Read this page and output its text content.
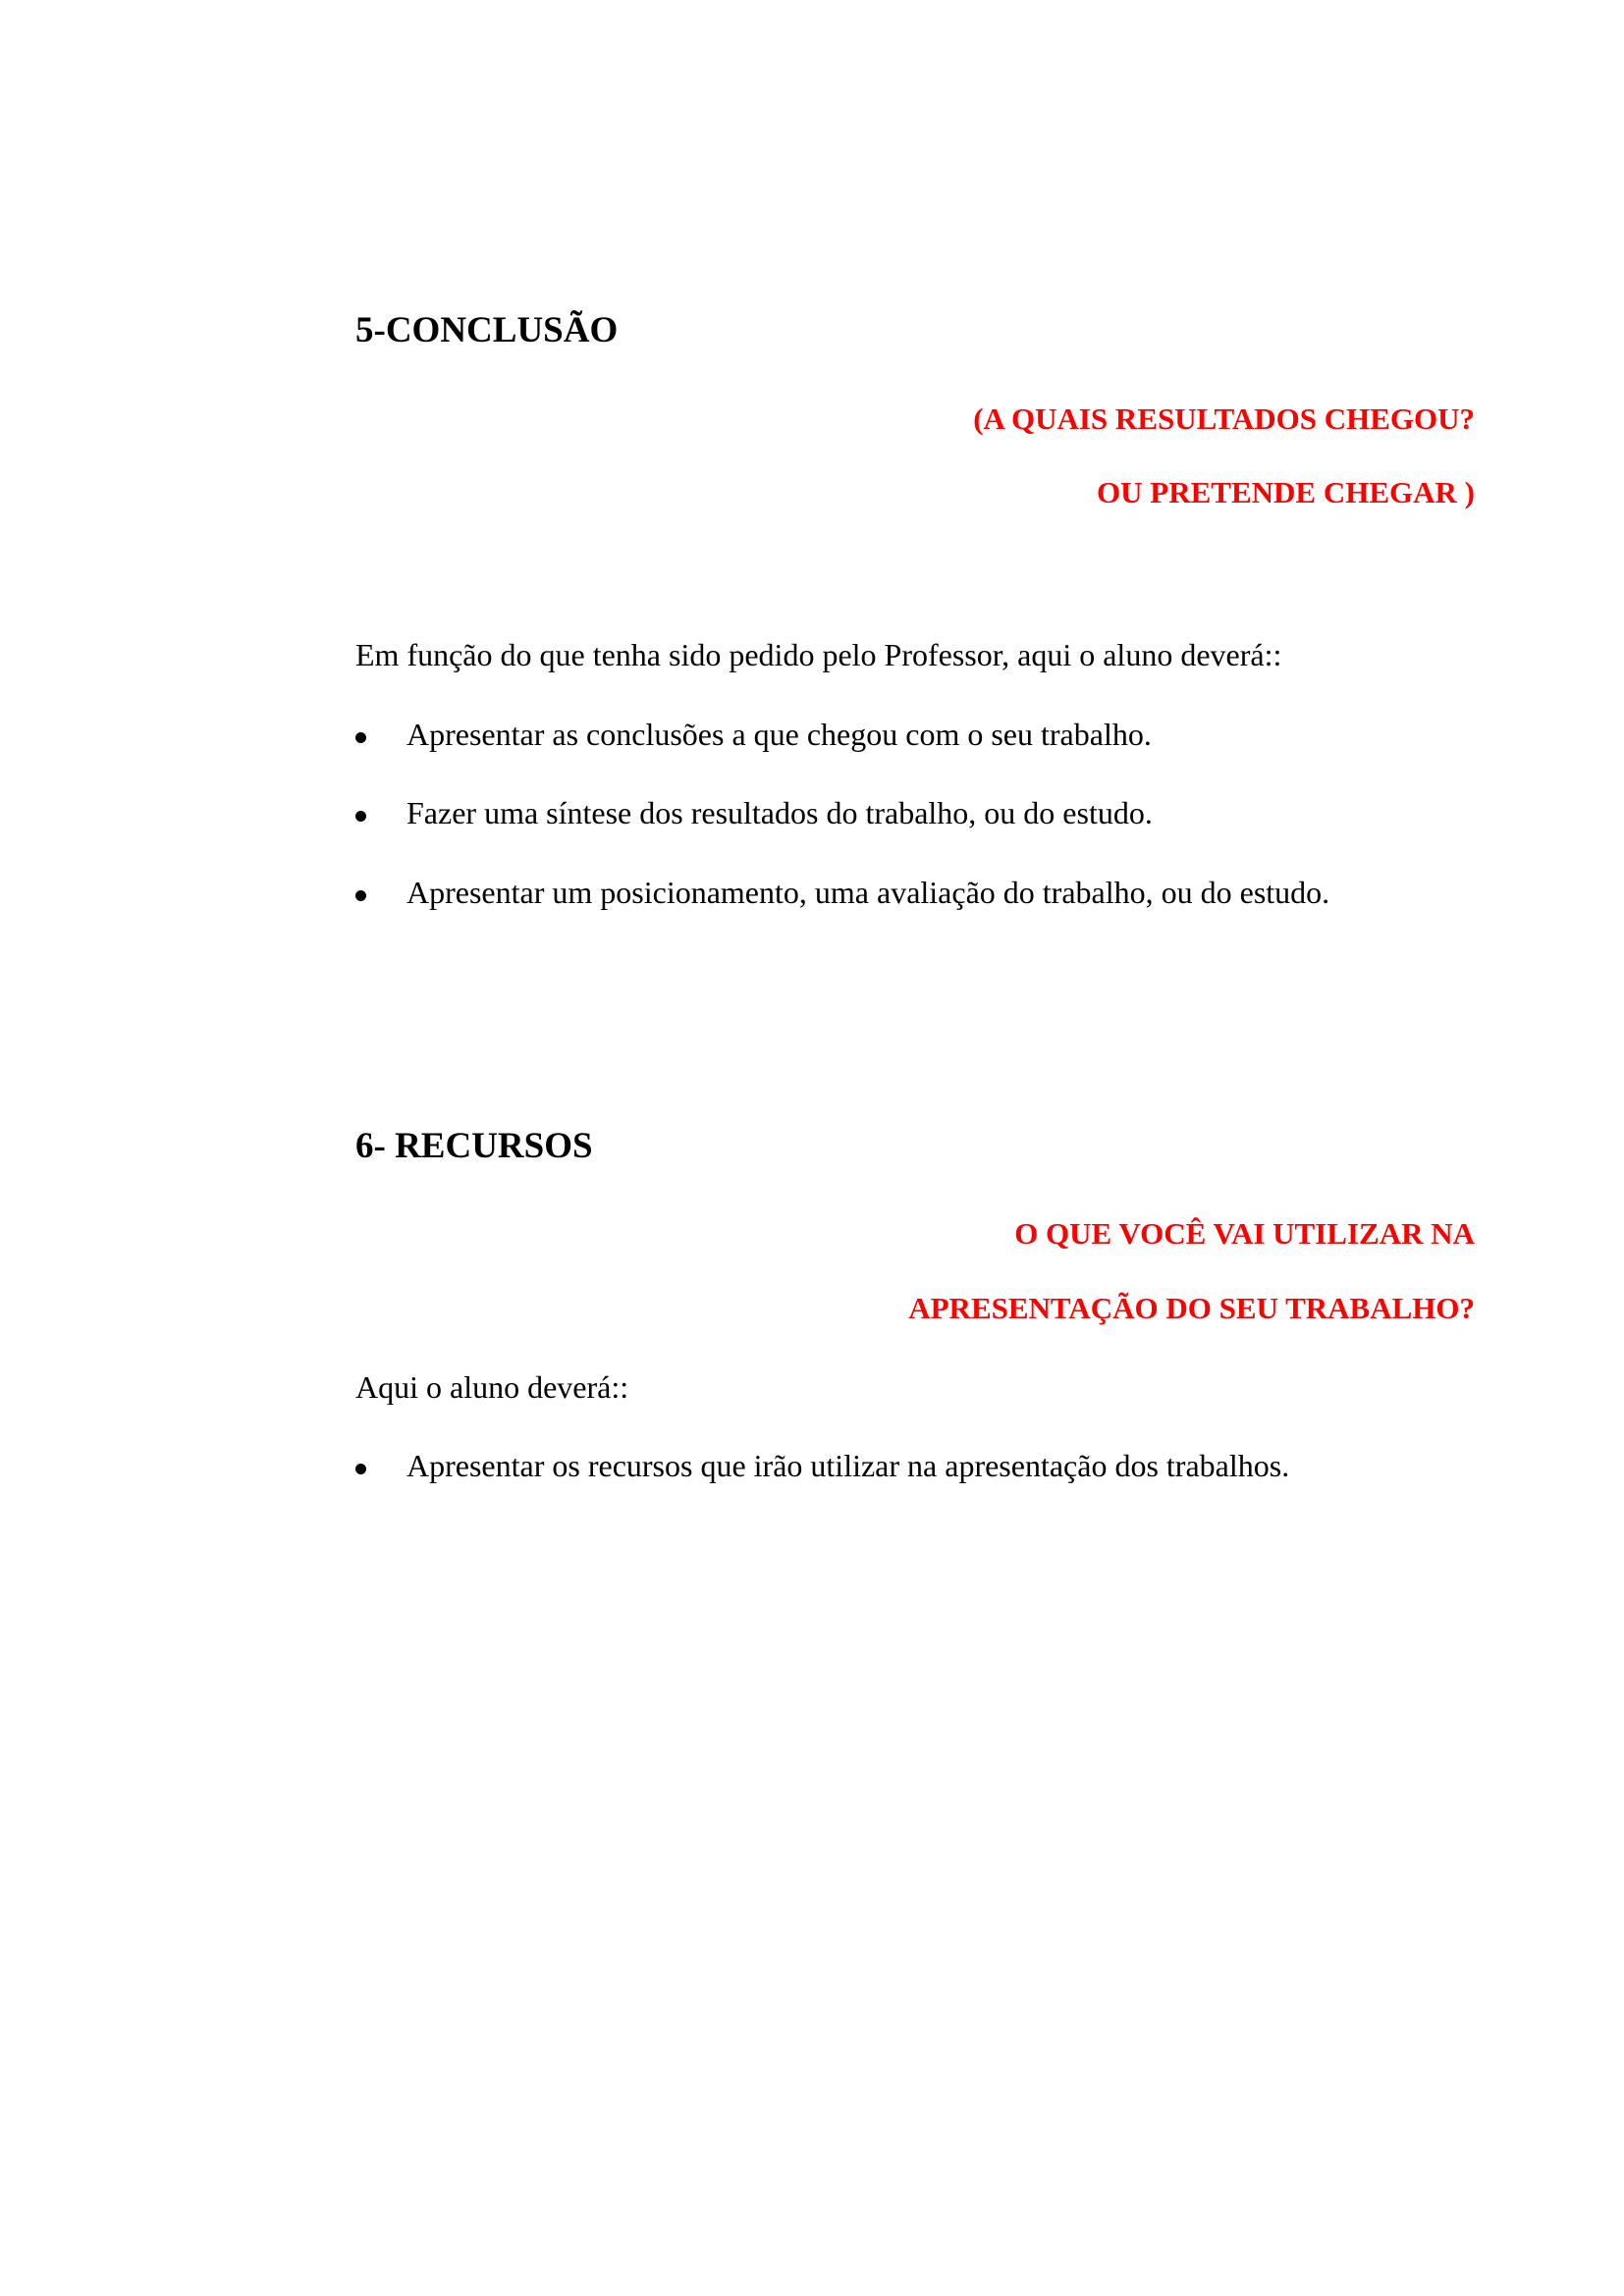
5-CONCLUSÃO

(A QUAIS RESULTADOS CHEGOU?

OU PRETENDE CHEGAR )

Em função do que tenha sido pedido pelo Professor, aqui o aluno deverá::

Apresentar as conclusões a que chegou com o seu trabalho.
Fazer uma síntese dos resultados do trabalho, ou do estudo.
Apresentar um posicionamento, uma avaliação do trabalho, ou do estudo.
6- RECURSOS

O QUE VOCÊ VAI UTILIZAR NA

APRESENTAÇÃO DO SEU TRABALHO?

Aqui o aluno deverá::

Apresentar os recursos que irão utilizar na apresentação dos trabalhos.
